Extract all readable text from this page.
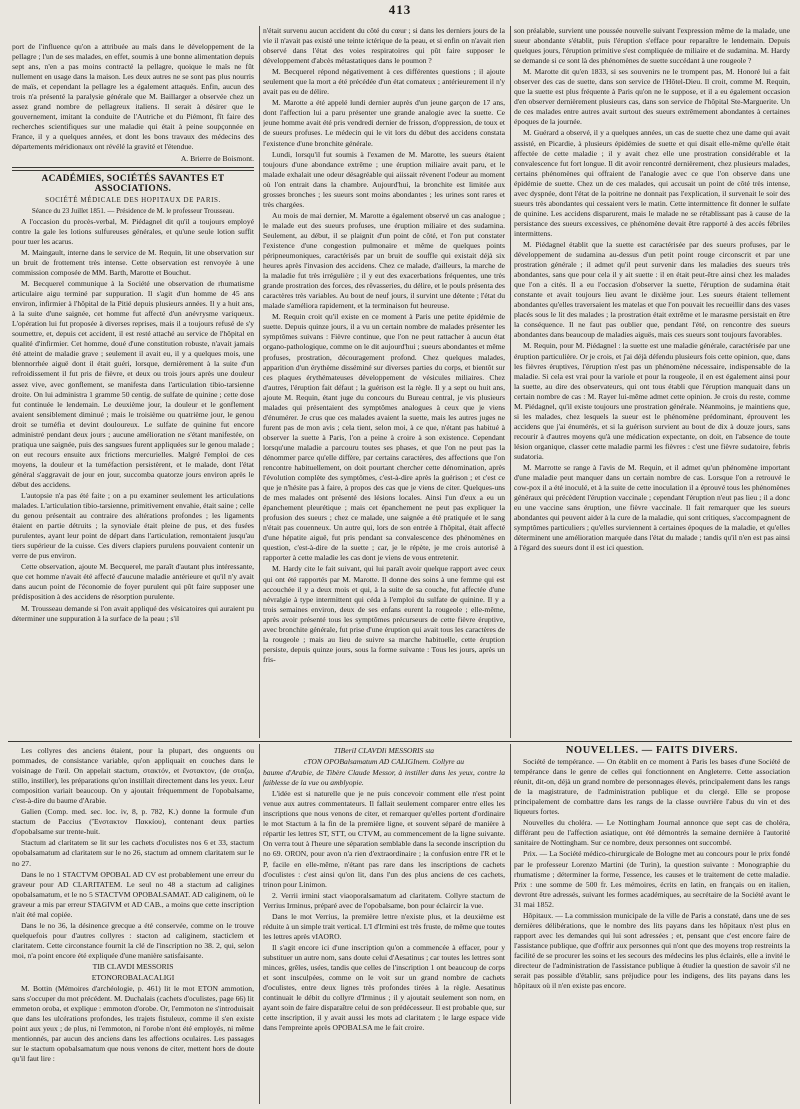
413

port de l'influence qu'on a attribuée au maïs dans le développement de la pellagre ; l'un de ses malades, en effet, soumis à une bonne alimentation depuis sept ans, n'en a pas moins contracté la pellagre, quoique le maïs ne fût nullement en usage dans la maison. Les deux autres ne se sont pas plus nourris de maïs, et cependant la pellagre les a également attaqués. Enfin, aucun des trois n'a présenté la paralysie générale que M. Baillarger a observée chez un assez grand nombre de pellagreux italiens. Il serait à désirer que le gouvernement, imitant la conduite de l'Autriche et du Piémont, fît faire des recherches scientifiques sur une maladie qui était à peine soupçonnée en France, il y a quelques années, et dont les bons travaux des médecins des départements méridionaux ont révélé la gravité et l'étendue.

A. Brierre de Boismont.

ACADÉMIES, SOCIÉTÉS SAVANTES ET ASSOCIATIONS.

SOCIÉTÉ MÉDICALE DES HOPITAUX DE PARIS.

Séance du 23 Juillet 1851. — Présidence de M. le professeur Trousseau.

A l'occasion du procès-verbal, M. Piédagnel dit qu'il a toujours employé contre la gale les lotions sulfureuses générales, et qu'une seule lotion suffit pour tuer les acarus.

M. Maingault, interne dans le service de M. Requin, lit une observation sur un bruit de frottement très intense. Cette observation est renvoyée à une commission composée de MM. Barth, Marotte et Bouchut.

M. Becquerel communique à la Société une observation de rhumatisme articulaire aigu terminé par suppuration. Il s'agit d'un homme de 45 ans environ, infirmier à l'hôpital de la Pitié depuis plusieurs années. Il y a huit ans, à la suite d'une saignée, cet homme fut affecté d'un anévrysme variqueux. L'opération lui fut proposée à diverses reprises, mais il a toujours refusé de s'y soumettre, et, depuis cet accident, il est resté attaché au service de l'hôpital en qualité d'infirmier. Cet homme, doué d'une constitution robuste, n'avait jamais été atteint de maladie grave ; seulement il avait eu, il y a quelques mois, une blennorrhée aiguë dont il était guéri, lorsque, dernièrement à la suite d'un refroidissement il fut pris de fièvre, et deux ou trois jours après une douleur assez vive, avec gonflement, se manifesta dans l'articulation tibio-tarsienne droite. On lui administra 1 gramme 50 centig. de sulfate de quinine ; cette dose fut continuée le lendemain. Le deuxième jour, la douleur et le gonflement avaient sensiblement diminué ; mais le troisième ou quatrième jour, le genou droit se tuméfia et devint douloureux. Le sulfate de quinine fut encore administré pendant deux jours ; aucune amélioration ne s'étant manifestée, on pratiqua une saignée, puis des sangsues furent appliquées sur le genou malade ; on eut recours ensuite aux frictions mercurielles. Malgré l'emploi de ces moyens, la douleur et la tuméfaction persistèrent, et le malade, dont l'état général s'aggravait de jour en jour, succomba quatorze jours environ après le début des accidens.

L'autopsie n'a pas été faite ; on a pu examiner seulement les articulations malades. L'articulation tibio-tarsienne, primitivement envahie, était saine ; celle du genou présentait au contraire des altérations profondes ; les ligaments étaient en partie détruits ; la synoviale était pleine de pus, et des fusées purulentes, ayant leur point de départ dans l'articulation, remontaient jusqu'au tiers supérieur de la cuisse. Ces divers clapiers purulens pouvaient contenir un verre de pus environ.

Cette observation, ajoute M. Becquerel, me paraît d'autant plus intéressante, que cet homme n'avait été affecté d'aucune maladie antérieure et qu'il n'y avait dans aucun point de l'économie de foyer purulent qui pût faire supposer une prédisposition à des accidens de résorption purulente.

M. Trousseau demande si l'on avait appliqué des vésicatoires qui auraient pu déterminer une suppuration à la surface de la peau ; s'il

n'était survenu aucun accident du côté du cœur ; si dans les derniers jours de la vie il n'avait pas existé une teinte ictérique de la peau, et si enfin on n'avait rien observé dans l'état des voies respiratoires qui pût faire supposer le développement d'abcès métastatiques dans le poumon ?

M. Becquerel répond négativement à ces différentes questions ; il ajoute seulement que la mort a été précédée d'un état comateux ; antérieurement il n'y avait pas eu de délire.

M. Marotte a été appelé lundi dernier auprès d'un jeune garçon de 17 ans, dont l'affection lui a paru présenter une grande analogie avec la suette. Ce jeune homme avait été pris vendredi dernier de frisson, d'oppression, de toux et de sueurs profuses. Le médecin qui le vit lors du début des accidens constata l'existence d'une bronchite générale.

Lundi, lorsqu'il fut soumis à l'examen de M. Marotte, les sueurs étaient toujours d'une abondance extrême ; une éruption miliaire avait paru, et le malade exhalait une odeur désagréable qui aiissait révenent l'odeur au moment où l'on entrait dans la chambre. Aujourd'hui, la bronchite est limitée aux grosses bronches ; les sueurs sont moins abondantes ; les urines sont rares et très chargées.

Au mois de mai dernier, M. Marotte a également observé un cas analogue ; le malade eut des sueurs profuses, une éruption miliaire et des sudamina. Seulement, au début, il se plaignit d'un point de côté, et l'on put constater l'existence d'une congestion pulmonaire et même de quelques points péripneumoniques, caractérisés par un bruit de souffle qui existait déjà six heures après l'invasion des accidens. Chez ce malade, d'ailleurs, la marche de la maladie fut très irrégulière ; il y eut des exacerbations fréquentes, une très grande prostration des forces, des rêvasseries, du délire, et le pouls présenta des caractères très variables. Au bout de neuf jours, il survint une détente ; l'état du malade s'améliora rapidement, et la terminaison fut heureuse.

M. Requin croit qu'il existe en ce moment à Paris une petite épidémie de suette. Depuis quinze jours, il a vu un certain nombre de malades présenter les symptômes suivans : Fièvre continue, que l'on ne peut rattacher à aucun état organo-pathologique, comme on le dit aujourd'hui ; sueurs abondantes et même profuses, prostration, découragement profond. Chez quelques malades, apparition d'un érythème disséminé sur diverses parties du corps, et bientôt sur ces plaques érythémateuses développement de vésicules miliaires. Chez d'autres, l'éruption fait défaut ; la guérison est la règle. Il y a sept ou huit ans, ajoute M. Requin, étant juge du concours du Bureau central, je vis plusieurs malades qui présentaient des symptômes analogues à ceux que je viens d'énumérer. Je crus que ces malades avaient la suette, mais les autres juges ne furent pas de mon avis ; cela tient, selon moi, à ce que, n'étant pas habitué à observer la suette à Paris, l'on a peine à croire à son existence. Cependant lorsqu'une maladie a parcouru toutes ses phases, et que l'on ne peut pas la dénommer parce qu'elle diffère, par certains caractères, des affections que l'on rencontre habituellement, on doit pourtant chercher cette dénomination, après l'évolution complète des symptômes, c'est-à-dire après la guérison ; et c'est ce que je n'hésite pas à faire, à propos des cas que je viens de citer. Quelques-uns de mes malades ont présenté des lésions locales. Ainsi l'un d'eux a eu un épanchement pleurétique ; mais cet épanchement ne peut pas expliquer la profusion des sueurs ; chez ce malade, une saignée a été pratiquée et le sang n'était pas couenneux. Un autre qui, lors de son entrée à l'hôpital, était affecté d'une hépatite aiguë, fut pris pendant sa convalescence des phénomènes en question, c'est-à-dire de la suette ; car, je le répète, je me crois autorisé à rapporter à cette maladie les cas dont je viens de vous entretenir.

M. Hardy cite le fait suivant, qui lui paraît avoir quelque rapport avec ceux qui ont été rapportés par M. Marotte. Il donne des soins à une femme qui est accouchée il y a deux mois et qui, à la suite de sa couche, fut affectée d'une névralgie à type intermittent qui céda à l'emploi du sulfate de quinine. Il y a trois semaines environ, deux de ses enfans eurent la rougeole ; elle-même, après avoir présenté tous les symptômes précurseurs de cette fièvre éruptive, avec bronchite générale, fut prise d'une éruption qui avait tous les caractères de la rougeole ; mais au lieu de suivre sa marche habituelle, cette éruption persiste, depuis quinze jours, sous la forme suivante : Tous les jours, après un fris-

son préalable, survient une poussée nouvelle suivant l'expression même de la malade, une sueur abondante s'établit, puis l'éruption s'efface pour reparaître le lendemain. Depuis quelques jours, l'éruption primitive s'est compliquée de miliaire et de sudamina. M. Hardy se demande si ce sont là des phénomènes de suette succédant à une rougeole ?

M. Marotte dit qu'en 1833, si ses souvenirs ne le trompent pas, M. Honoré lui a fait observer des cas de suette, dans son service de l'Hôtel-Dieu. Il croit, comme M. Requin, que la suette est plus fréquente à Paris qu'on ne le suppose, et il a eu également occasion d'en observer dernièrement plusieurs cas, dans son service de l'hôpital Ste-Marguerite. Un de ces malades entre autres avait surtout des sueurs extrêmement abondantes à certaines époques de la journée.

M. Guérard a observé, il y a quelques années, un cas de suette chez une dame qui avait assisté, en Picardie, à plusieurs épidémies de suette et qui disait elle-même qu'elle était affectée de cette maladie ; il y avait chez elle une prostration considérable et la convalescence fut fort longue. Il dit avoir rencontré dernièrement, chez plusieurs malades, certains phénomènes qui offraient de l'analogie avec ce que l'on observe dans une épidémie de suette. Chez un de ces malades, qui accusait un point de côté très intense, avec dyspnée, dont l'état de la poitrine ne donnait pas l'explication, il survenait le soir des sueurs très abondantes qui cessaient vers le matin. Cette intermittence fit donner le sulfate de quinine. Les accidens disparurent, mais le malade ne se rétablissant pas à cause de la persistance des sueurs excessives, ce phénomène devait être rapporté à des accès fébriles intermittens.

M. Piédagnel établit que la suette est caractérisée par des sueurs profuses, par le développement de sudamina au-dessus d'un petit point rouge circonscrit et par une prostration générale ; il admet qu'il peut survenir dans les maladies des sueurs très abondantes, sans que pour cela il y ait suette : il en était peut-être ainsi chez les malades que l'on a cités. Il a eu l'occasion d'observer la suette, l'éruption de sudamina était constante et avait toujours lieu avant le dixième jour. Les sueurs étaient tellement abondantes qu'elles traversaient les matelas et que l'on pouvait les recueillir dans des vases placés sous le lit des malades ; la prostration était extrême et le marasme persistait en être la conséquence. Il ne faut pas oublier que, pendant l'été, on rencontre des sueurs abondantes dans beaucoup de maladies aiguës, mais ces sueurs sont toujours favorables.

M. Requin, pour M. Piédagnel : la suette est une maladie générale, caractérisée par une éruption particulière. Or je crois, et j'ai déjà défendu plusieurs fois cette opinion, que, dans les fièvres éruptives, l'éruption n'est pas un phénomène nécessaire, indispensable de la maladie. Si cela est vrai pour la variole et pour la rougeole, il en est également ainsi pour la suette, au dire des observateurs, qui ont tous établi que l'éruption manquait dans un certain nombre de cas : M. Rayer lui-même admet cette opinion. Je crois du reste, comme M. Piédagnel, qu'il existe toujours une prostration générale. Néanmoins, je maintiens que, si les malades, chez lesquels la sueur est le phénomène prédominant, éprouvent les accidens que j'ai énumérés, et si la guérison survient au bout de dix à douze jours, sans recourir à d'autres moyens qu'à une médication expectante, on doit, en l'absence de toute lésion organique, classer cette maladie parmi les fièvres : c'est une fièvre sudatoire, febris sudatoria.

M. Marrotte se range à l'avis de M. Requin, et il admet qu'un phénomène important d'une maladie peut manquer dans un certain nombre de cas. Lorsque l'on a retrouvé le cow-pox il a été inoculé, et à la suite de cette inoculation il a éprouvé tous les phénomènes généraux qui précèdent l'éruption vaccinale ; cependant l'éruption n'eut pas lieu ; il a donc eu une vaccine sans éruption, une fièvre vaccinale. Il fait remarquer que les sueurs abondantes qui peuvent aider à la cure de la maladie, qui sont critiques, s'accompagnent de symptômes particuliers ; qu'elles surviennent à certaines époques de la maladie, et qu'elles déterminent une amélioration marquée dans l'état du malade ; tandis qu'il n'en est pas ainsi à l'égard des sueurs dont il est ici question.

Les collyres des anciens étaient, pour la plupart, des onguents ou pommades, de consistance variable, qu'on appliquait en couches dans le voisinage de l'œil. On appelait stactum, στακτόν, et ἔνστακτον, (de σταζω, stillo, instiller), les préparations qu'on instillait directement dans les yeux. Leur composition variait beaucoup. On y ajoutait fréquemment de l'opobalsame, c'est-à-dire du baume d'Arabie.

Galien (Comp. med. sec. loc. iv, 8, p. 782, K.) donne la formule d'un stactum de Paccius (Ἔνστακτον Πακκίου), contenant deux parties d'opobalsame sur trente-huit.

Stactum ad claritatem se lit sur les cachets d'oculistes nos 6 et 33, stactum opobalsamatum ad claritatem sur le no 26, stactum ad omnem claritatem sur le no 27.

Dans le no 1 STACTVM OPOBAL AD CV est probablement une erreur du graveur pour AD CLARITATEM. Le seul no 48 a stactum ad caligines opobalsamatum, et le no 5 STACTVM OPOBALSAMAT. AD caliginem, où le graveur a mis par erreur STAGIVM et AD CAB., a moins que cette inscription n'ait été mal copiée.

Dans le no 36, la désinence grecque a été conservée, comme on le trouve quelquefois pour d'autres collyres : stacton ad caliginem, stacticlem et claritatem. Cette circonstance fournit la clé de l'inscription no 38. 2, qui, selon moi, n'a point encore été expliquée d'une manière satisfaisante.

TIB CLAVDI MESSORIS

ETONOROBALACALIGI

M. Bottin (Mémoires d'archéologie, p. 461) lit le mot ETON ammotion, sans s'occuper du mot précédent. M. Duchalais (cachets d'oculistes, page 66) lit emmeton oroba, et explique : emmoton d'orobe. Or, l'emmoton ne s'introduisait que dans les ulcérations profondes, les trajets fistuleux, comme il s'en existe point aux yeux ; de plus, ni l'emmoton, ni l'orobe n'ont été employés, ni même mentionnés, par aucun des anciens dans les affections oculaires. Les passages sur le stactum opobalsamatum que nous venons de citer, mettent hors de doute qu'il faut lire :

TIBeriI CLAVDIi MESSORIS sta

cTON OPOBalsamatum AD CALIGInem. Collyre au

baume d'Arabie, de Tibère Claude Messor, à instiller dans les yeux, contre la faiblesse de la vue ou amblyopie.

L'idée est si naturelle que je ne puis concevoir comment elle n'est point venue aux autres commentateurs. Il fallait seulement comparer entre elles les inscriptions que nous venons de citer, et remarquer qu'elles portent d'ordinaire le mot Stactum à la fin de la première ligne, et souvent séparé de manière à répartir les lettres ST, STT, ou CTVM, au commencement de la ligne suivante. On verra tout à l'heure une séparation semblable dans la seconde inscription du no 69. ORON, pour avon n'a rien d'extraordinaire ; la confusion entre l'R et le P, facile en elle-même, n'étant pas rare dans les inscriptions de cachets d'oculistes : c'est ainsi qu'on lit, dans l'un des plus anciens de ces cachets, trinon pour Linimon.

2. Verrii irmini stact viaoporalsamatum ad claritatem. Collyre stactum de Verrius Irminus, préparé avec de l'opobalsame, bon pour éclaircir la vue.

Dans le mot Verrius, la première lettre n'existe plus, et la deuxième est réduite à un simple trait vertical. L'I d'Irmini est très fruste, de même que toutes les lettres après vIAORO.

Il s'agit encore ici d'une inscription qu'on a commencée à effacer, pour y substituer un autre nom, sans doute celui d'Aesatinus ; car toutes les lettres sont minces, grêles, usées, tandis que celles de l'inscription 1 ont beaucoup de corps et sont insculpées, comme on le voit sur un grand nombre de cachets d'oculistes, entre deux lignes très profondes tirées à la règle. Aesatinus continuait le débit du collyre d'Irminus ; il y ajoutait seulement son nom, en ayant soin de faire disparaître celui de son prédécesseur. Il est probable que, sur cette inscription, il y avait aussi les mots ad claritatem ; le large espace vide dans l'empreinte après OPOBALSA me le fait croire.

NOUVELLES. — FAITS DIVERS.

Société de tempérance. — On établit en ce moment à Paris les bases d'une Société de tempérance dans le genre de celles qui fonctionnent en Angleterre. Cette association réunit, dit-on, déjà un grand nombre de personnages élevés, principalement dans les rangs de la magistrature, de l'administration publique et du clergé. Elle se propose principalement de combattre dans les rangs de la classe ouvrière l'abus du vin et des liqueurs fortes.

Nouvelles du choléra. — Le Nottingham Journal annonce que sept cas de choléra, différant peu de l'affection asiatique, ont été démontrés la semaine dernière à l'autorité sanitaire de Nottingham. Sur ce nombre, deux personnes ont succombé.

Prix. — La Société médico-chirurgicale de Bologne met au concours pour le prix fondé par le professeur Lorenzo Martini (de Turin), la question suivante : Monographie du rhumatisme ; déterminer la forme, l'essence, les causes et le traitement de cette maladie. Prix : une somme de 500 fr. Les mémoires, écrits en latin, en français ou en italien, devront être adressés, suivant les formes académiques, au secrétaire de la Société avant le 31 mai 1852.

Hôpitaux. — La commission municipale de la ville de Paris a constaté, dans une de ses dernières délibérations, que le nombre des lits payans dans les hôpitaux n'est plus en rapport avec les demandes qui lui sont adressées ; et, pensant que c'est encore faire de l'assistance publique, que d'offrir aux personnes qui n'ont que des moyens trop restreints la facilité de se procurer les soins et les secours des médecins les plus éclairés, elle a invité le directeur de l'administration de l'assistance publique à étudier la question de savoir s'il ne serait pas possible d'établir, sans préjudice pour les indigens, des lits payans dans les hôpitaux où il n'en existe pas encore.
